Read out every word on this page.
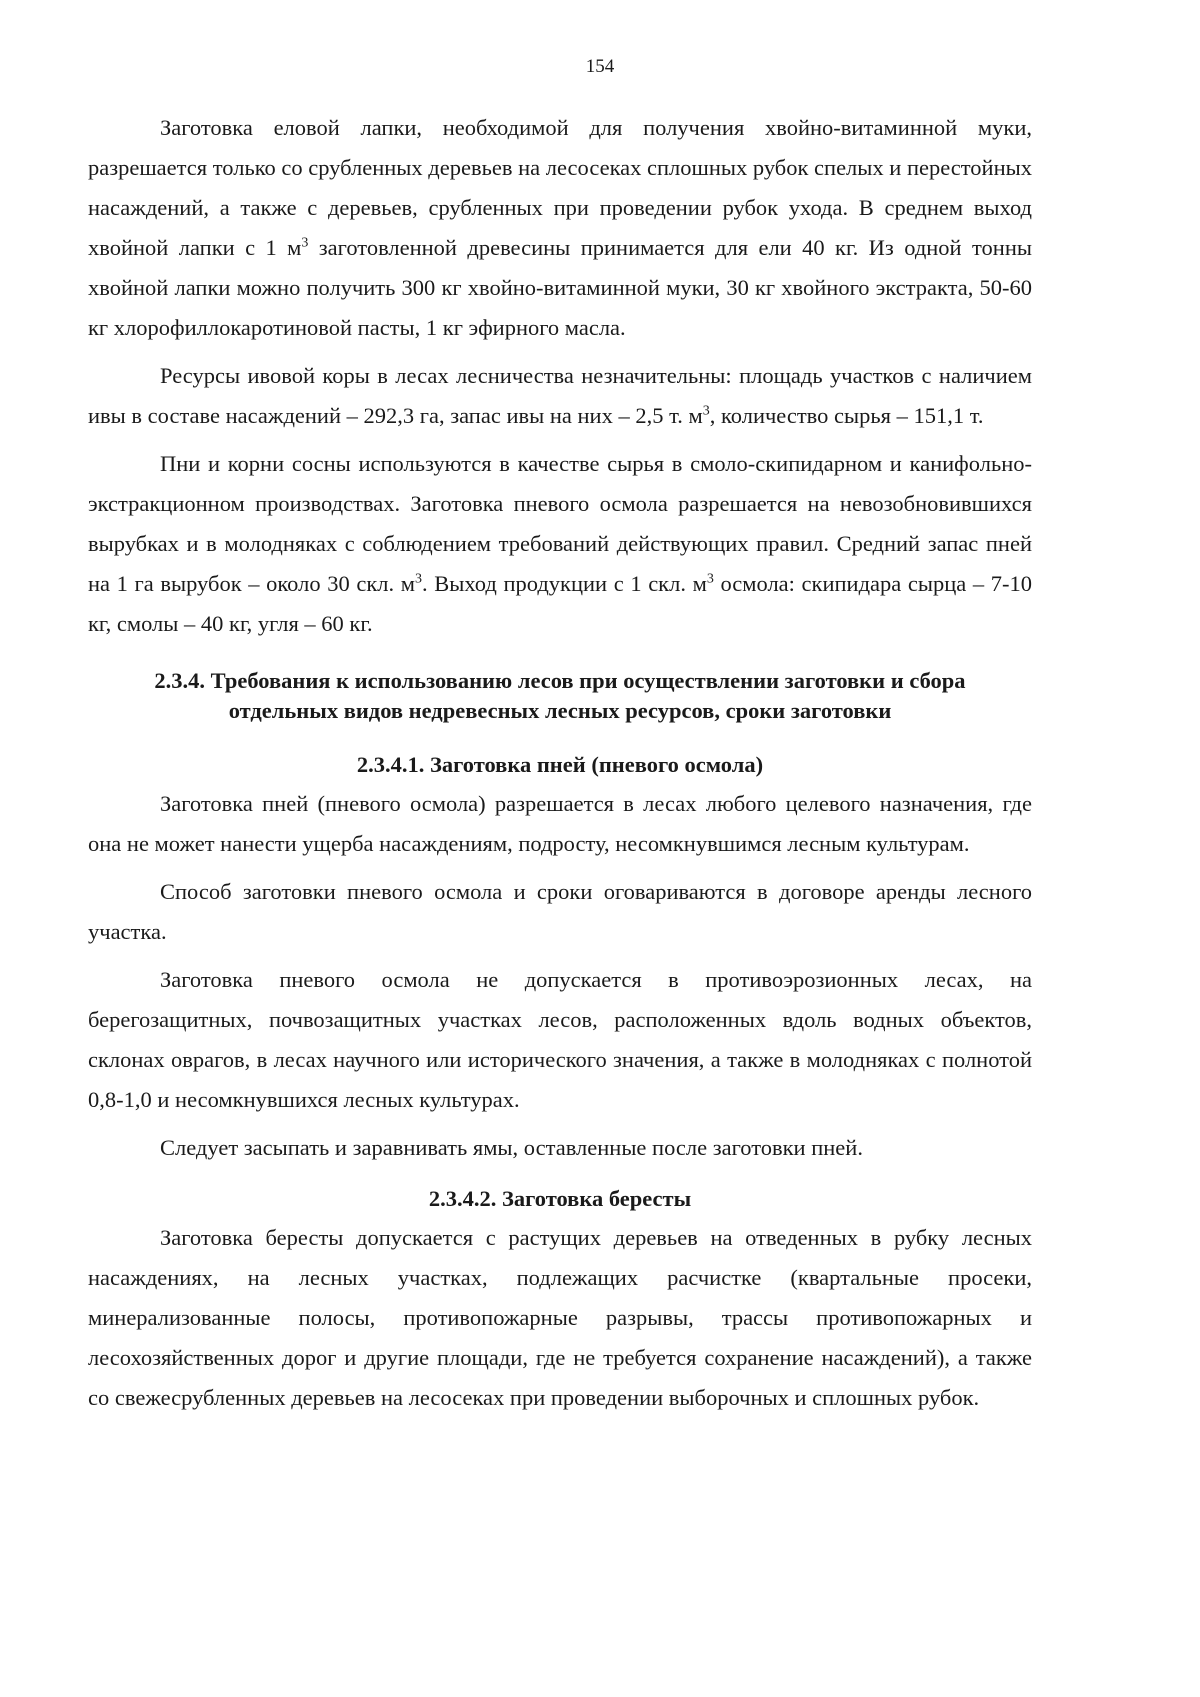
154

Заготовка еловой лапки, необходимой для получения хвойно-витаминной муки, разрешается только со срубленных деревьев на лесосеках сплошных рубок спелых и перестойных насаждений, а также с деревьев, срубленных при проведении рубок ухода. В среднем выход хвойной лапки с 1 $м^3$ заготовленной древесины принимается для ели 40 кг. Из одной тонны хвойной лапки можно получить 300 кг хвойно-витаминной муки, 30 кг хвойного экстракта, 50-60 кг хлорофиллокаротиновой пасты, 1 кг эфирного масла.

Ресурсы ивовой коры в лесах лесничества незначительны: площадь участков с наличием ивы в составе насаждений – 292,3 га, запас ивы на них – 2,5 т. $м^3$, количество сырья – 151,1 т.

Пни и корни сосны используются в качестве сырья в смоло-скипидарном и канифольно-экстракционном производствах. Заготовка пневого осмола разрешается на невозобновившихся вырубках и в молодняках с соблюдением требований действующих правил. Средний запас пней на 1 га вырубок – около 30 скл. $м^3$. Выход продукции с 1 скл. $м^3$ осмола: скипидара сырца – 7-10 кг, смолы – 40 кг, угля – 60 кг.

2.3.4. Требования к использованию лесов при осуществлении заготовки и сбора
отдельных видов недревесных лесных ресурсов, сроки заготовки
2.3.4.1. Заготовка пней (пневого осмола)

Заготовка пней (пневого осмола) разрешается в лесах любого целевого назначения, где она не может нанести ущерба насаждениям, подросту, несомкнувшимся лесным культурам.

Способ заготовки пневого осмола и сроки оговариваются в договоре аренды лесного участка.

Заготовка пневого осмола не допускается в противоэрозионных лесах, на берегозащитных, почвозащитных участках лесов, расположенных вдоль водных объектов, склонах оврагов, в лесах научного или исторического значения, а также в молодняках с полнотой 0,8-1,0 и несомкнувшихся лесных культурах.

Следует засыпать и заравнивать ямы, оставленные после заготовки пней.

2.3.4.2. Заготовка бересты

Заготовка бересты допускается с растущих деревьев на отведенных в рубку лесных насаждениях, на лесных участках, подлежащих расчистке (квартальные просеки, минерализованные полосы, противопожарные разрывы, трассы противопожарных и лесохозяйственных дорог и другие площади, где не требуется сохранение насаждений), а также со свежесрубленных деревьев на лесосеках при проведении выборочных и сплошных рубок.
